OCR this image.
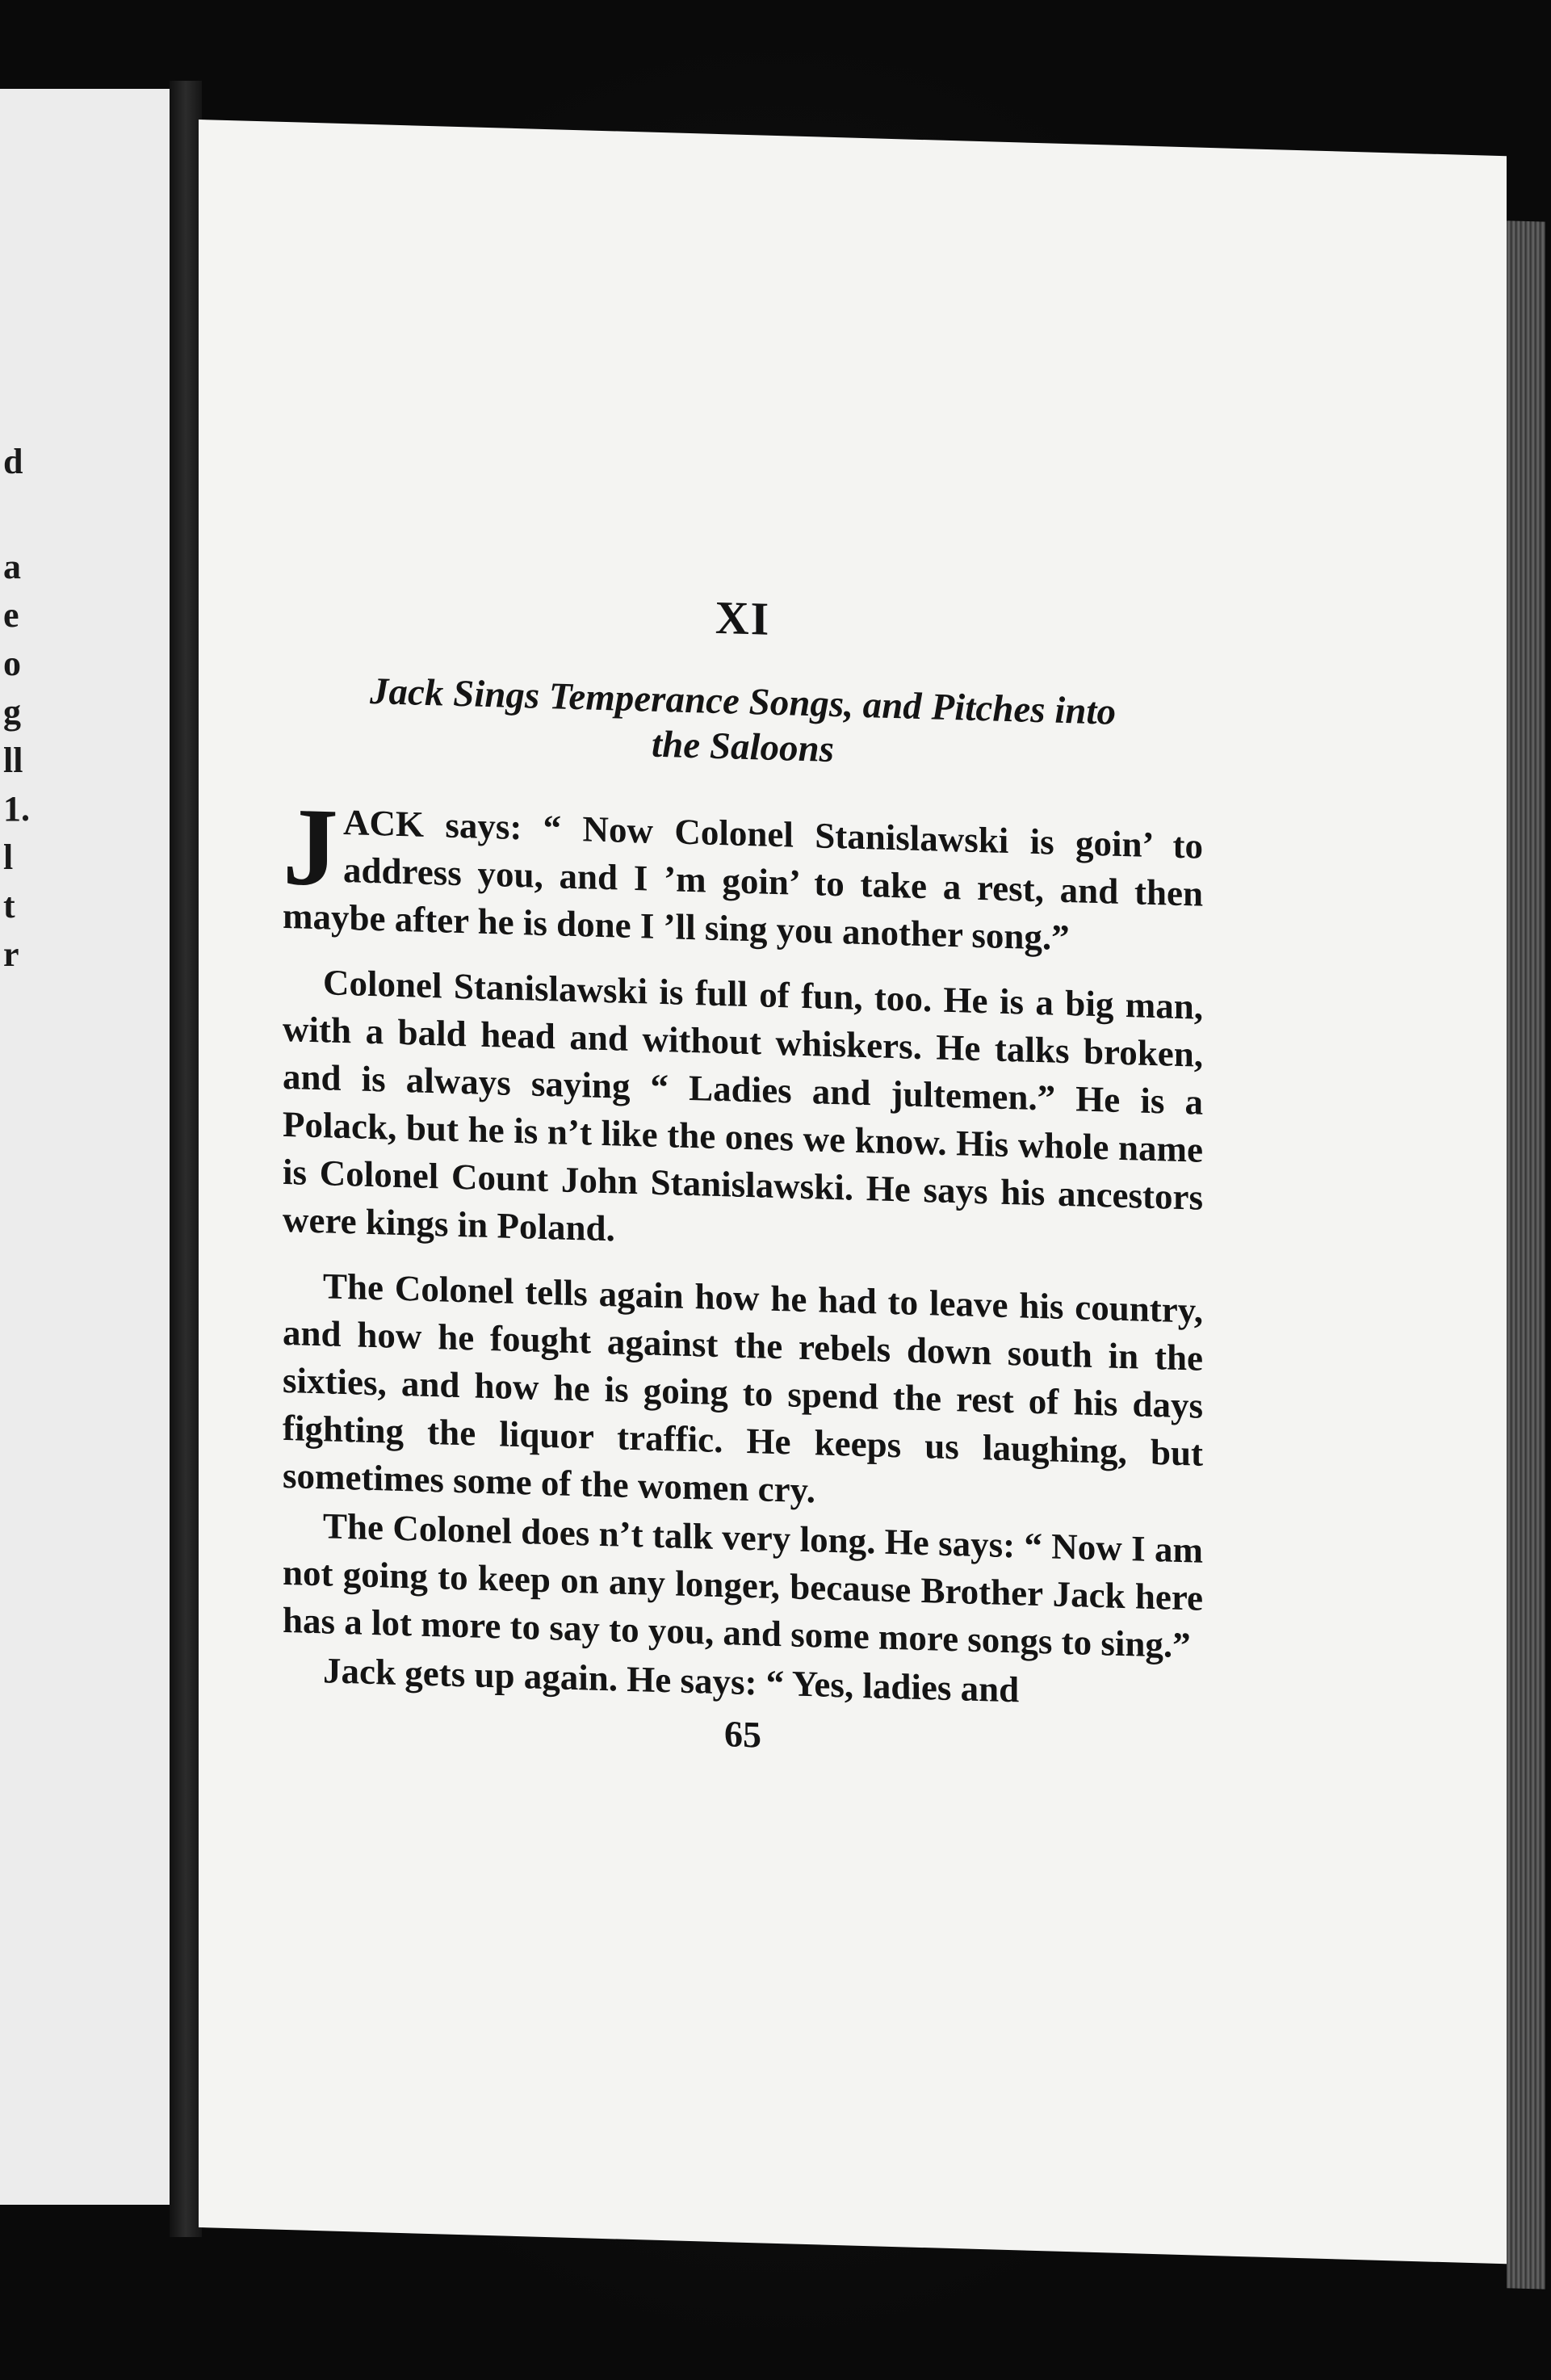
d
a
e
o
g
ll
1.
l
t
r
XI
Jack Sings Temperance Songs, and Pitches into
the Saloons

JACK says: “ Now Colonel Stanislawski is goin’ to address you, and I ’m goin’ to take a rest, and then maybe after he is done I ’ll sing you another song.”

Colonel Stanislawski is full of fun, too. He is a big man, with a bald head and without whiskers. He talks broken, and is always saying “ Ladies and jultemen.” He is a Polack, but he is n’t like the ones we know. His whole name is Colonel Count John Stanislawski. He says his ancestors were kings in Poland.

The Colonel tells again how he had to leave his country, and how he fought against the rebels down south in the sixties, and how he is going to spend the rest of his days fighting the liquor traffic. He keeps us laughing, but sometimes some of the women cry.

The Colonel does n’t talk very long. He says: “ Now I am not going to keep on any longer, because Brother Jack here has a lot more to say to you, and some more songs to sing.”

Jack gets up again. He says: “ Yes, ladies and

65
